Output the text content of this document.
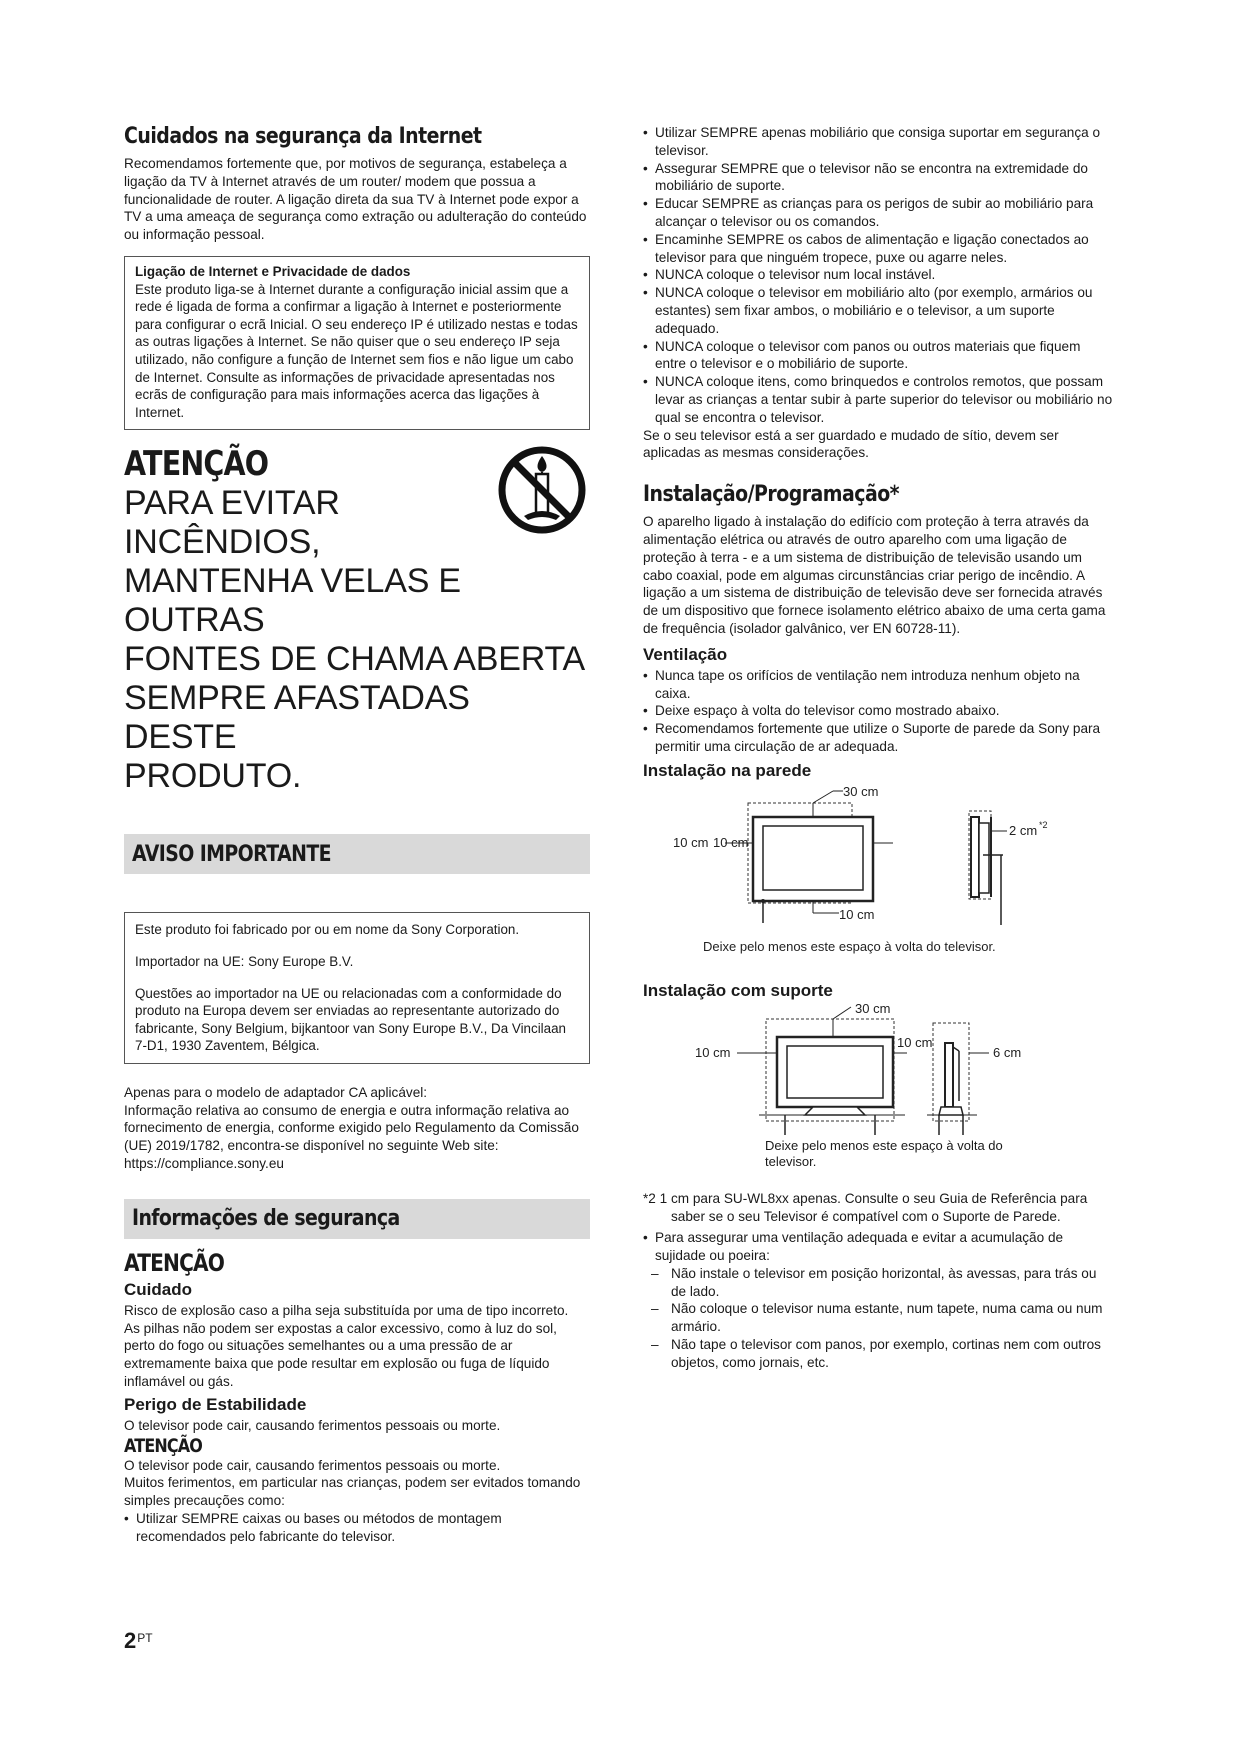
Cuidados na segurança da Internet

Recomendamos fortemente que, por motivos de segurança, estabeleça a ligação da TV à Internet através de um router/ modem que possua a funcionalidade de router. A ligação direta da sua TV à Internet pode expor a TV a uma ameaça de segurança como extração ou adulteração do conteúdo ou informação pessoal.

Ligação de Internet e Privacidade de dados

Este produto liga-se à Internet durante a configuração inicial assim que a rede é ligada de forma a confirmar a ligação à Internet e posteriormente para configurar o ecrã Inicial. O seu endereço IP é utilizado nestas e todas as outras ligações à Internet. Se não quiser que o seu endereço IP seja utilizado, não configure a função de Internet sem fios e não ligue um cabo de Internet. Consulte as informações de privacidade apresentadas nos ecrãs de configuração para mais informações acerca das ligações à Internet.

ATENÇÃO
PARA EVITAR
INCÊNDIOS,
MANTENHA VELAS E OUTRAS
FONTES DE CHAMA ABERTA
SEMPRE AFASTADAS DESTE
PRODUTO.
AVISO IMPORTANTE

Este produto foi fabricado por ou em nome da Sony Corporation.

Importador na UE: Sony Europe B.V.

Questões ao importador na UE ou relacionadas com a conformidade do produto na Europa devem ser enviadas ao representante autorizado do fabricante, Sony Belgium, bijkantoor van Sony Europe B.V., Da Vincilaan 7-D1, 1930 Zaventem, Bélgica.

Apenas para o modelo de adaptador CA aplicável:

Informação relativa ao consumo de energia e outra informação relativa ao fornecimento de energia, conforme exigido pelo Regulamento da Comissão (UE) 2019/1782, encontra-se disponível no seguinte Web site: https://compliance.sony.eu

Informações de segurança
ATENÇÃO
Cuidado

Risco de explosão caso a pilha seja substituída por uma de tipo incorreto.

As pilhas não podem ser expostas a calor excessivo, como à luz do sol, perto do fogo ou situações semelhantes ou a uma pressão de ar extremamente baixa que pode resultar em explosão ou fuga de líquido inflamável ou gás.

Perigo de Estabilidade

O televisor pode cair, causando ferimentos pessoais ou morte.

ATENÇÃO

O televisor pode cair, causando ferimentos pessoais ou morte.

Muitos ferimentos, em particular nas crianças, podem ser evitados tomando simples precauções como:

• Utilizar SEMPRE caixas ou bases ou métodos de montagem recomendados pelo fabricante do televisor.
• Utilizar SEMPRE apenas mobiliário que consiga suportar em segurança o televisor.
• Assegurar SEMPRE que o televisor não se encontra na extremidade do mobiliário de suporte.
• Educar SEMPRE as crianças para os perigos de subir ao mobiliário para alcançar o televisor ou os comandos.
• Encaminhe SEMPRE os cabos de alimentação e ligação conectados ao televisor para que ninguém tropece, puxe ou agarre neles.
• NUNCA coloque o televisor num local instável.
• NUNCA coloque o televisor em mobiliário alto (por exemplo, armários ou estantes) sem fixar ambos, o mobiliário e o televisor, a um suporte adequado.
• NUNCA coloque o televisor com panos ou outros materiais que fiquem entre o televisor e o mobiliário de suporte.
• NUNCA coloque itens, como brinquedos e controlos remotos, que possam levar as crianças a tentar subir à parte superior do televisor ou mobiliário no qual se encontra o televisor.

Se o seu televisor está a ser guardado e mudado de sítio, devem ser aplicadas as mesmas considerações.

Instalação/Programação*

O aparelho ligado à instalação do edifício com proteção à terra através da alimentação elétrica ou através de outro aparelho com uma ligação de proteção à terra - e a um sistema de distribuição de televisão usando um cabo coaxial, pode em algumas circunstâncias criar perigo de incêndio. A ligação a um sistema de distribuição de televisão deve ser fornecida através de um dispositivo que fornece isolamento elétrico abaixo de uma certa gama de frequência (isolador galvânico, ver EN 60728-11).

Ventilação
• Nunca tape os orifícios de ventilação nem introduza nenhum objeto na caixa.
• Deixe espaço à volta do televisor como mostrado abaixo.
• Recomendamos fortemente que utilize o Suporte de parede da Sony para permitir uma circulação de ar adequada.
Instalação na parede
30 cm
10 cm 10 cm
10 cm
2 cm *2
Deixe pelo menos este espaço à volta do televisor.
Instalação com suporte
30 cm
10 cm
10 cm
6 cm

Deixe pelo menos este espaço à volta do

televisor.

*2 1 cm para SU-WL8xx apenas. Consulte o seu Guia de Referência para saber se o seu Televisor é compatível com o Suporte de Parede.

• Para assegurar uma ventilação adequada e evitar a acumulação de sujidade ou poeira:
– Não instale o televisor em posição horizontal, às avessas, para trás ou de lado.
– Não coloque o televisor numa estante, num tapete, numa cama ou num armário.
– Não tape o televisor com panos, por exemplo, cortinas nem com outros objetos, como jornais, etc.
$2^{PT}$
